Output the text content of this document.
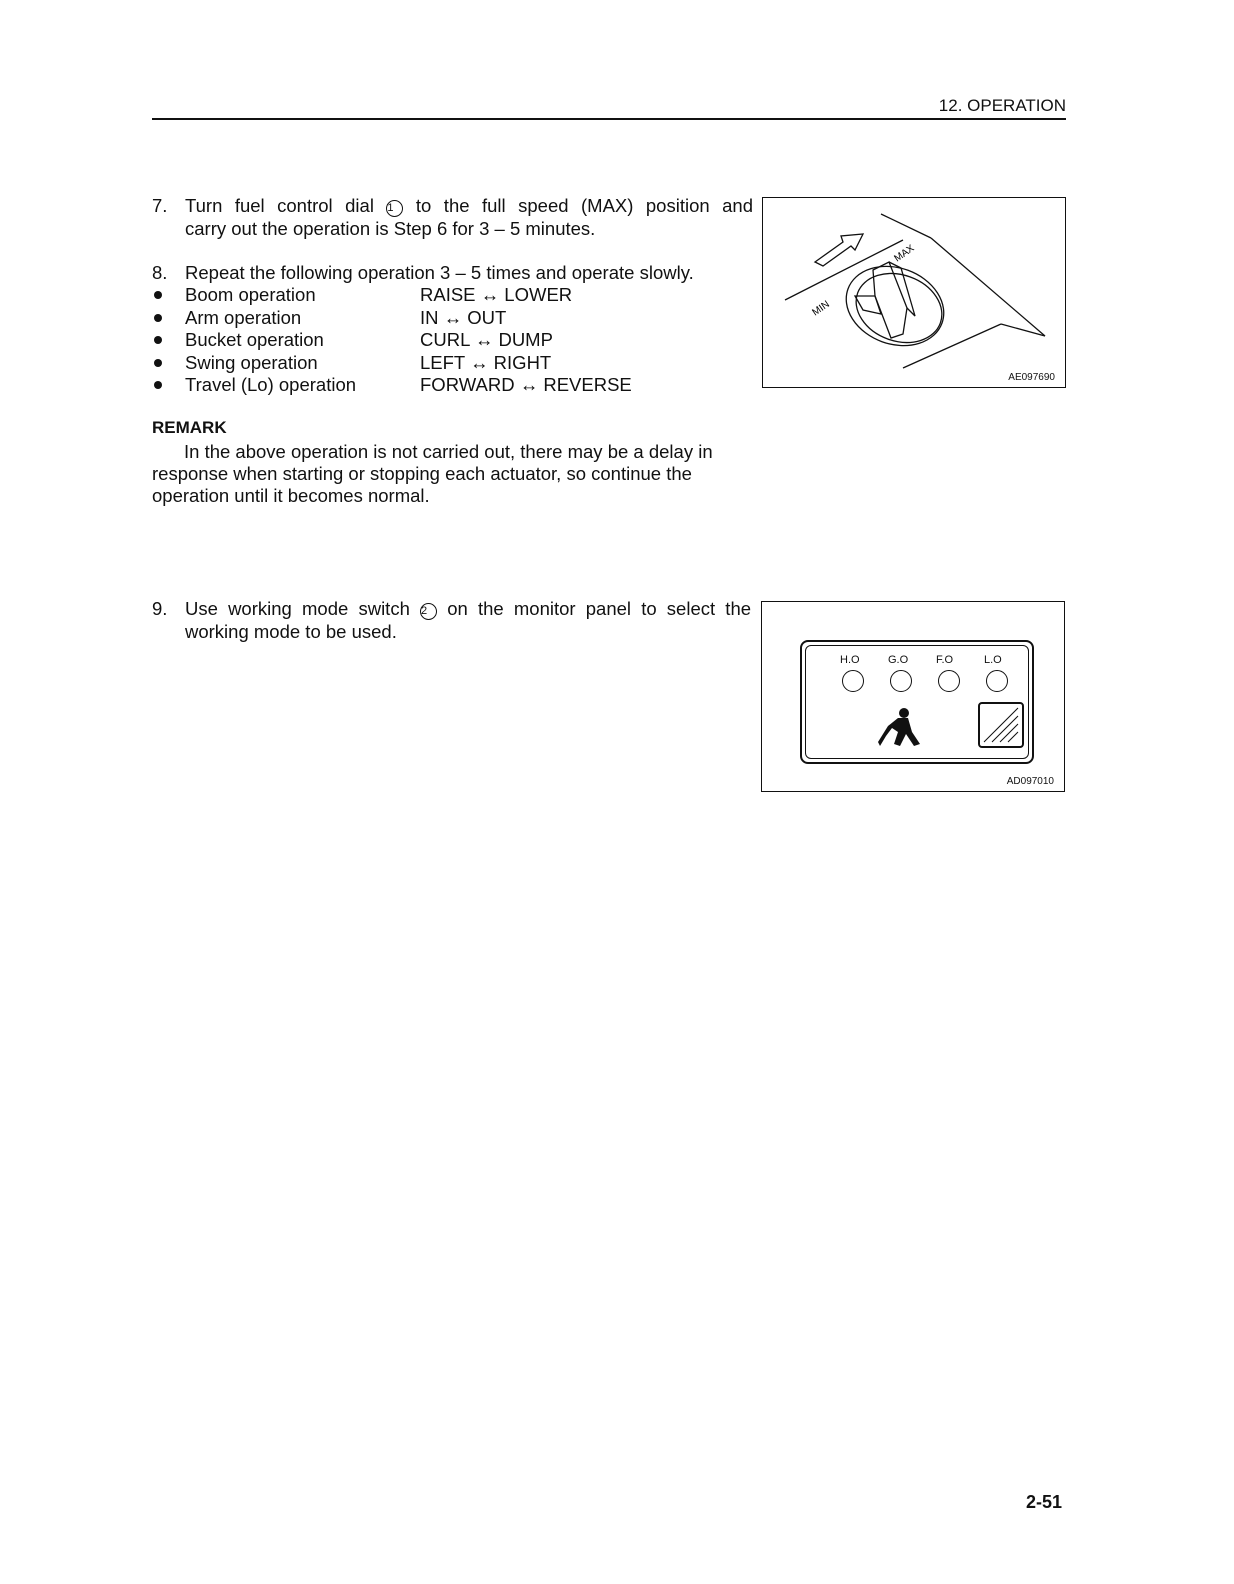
12. OPERATION
7. Turn fuel control dial 1 to the full speed (MAX) position and
carry out the operation is Step 6 for 3 – 5 minutes.
8. Repeat the following operation 3 – 5 times and operate slowly.
Boom operation	RAISE ↔ LOWER
Arm operation	IN ↔ OUT
Bucket operation	CURL ↔ DUMP
Swing operation	LEFT ↔ RIGHT
Travel (Lo) operation	FORWARD ↔ REVERSE
REMARK
In the above operation is not carried out, there may be a delay in response when starting or stopping each actuator, so continue the operation until it becomes normal.
9. Use working mode switch 2 on the monitor panel to select the
working mode to be used.
MIN
MAX
AE097690
H.O	G.O	F.O	L.O
AD097010
2-51
